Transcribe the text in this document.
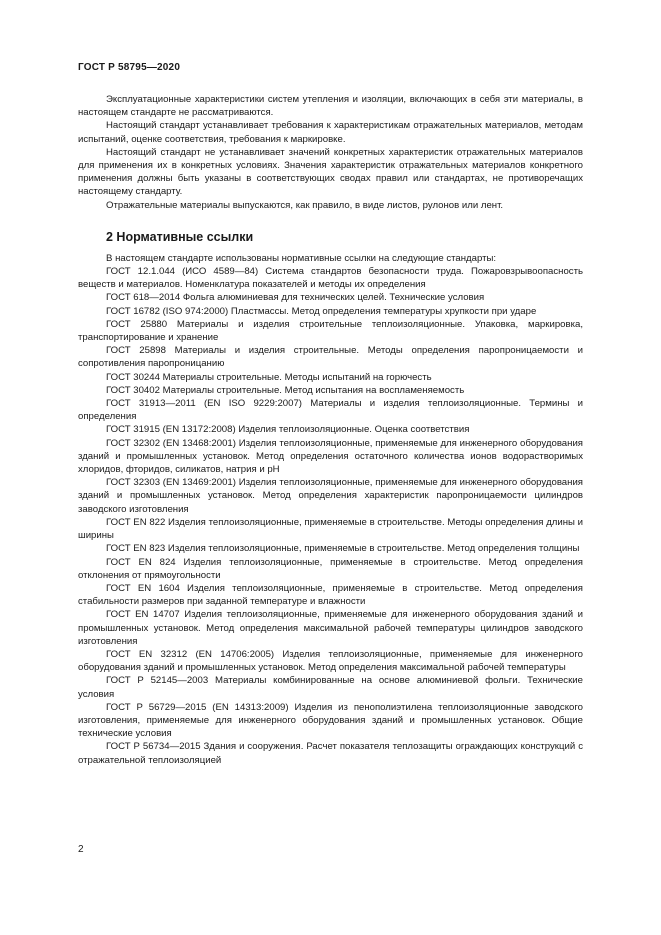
ГОСТ Р 58795—2020

Эксплуатационные характеристики систем утепления и изоляции, включающих в себя эти материалы, в настоящем стандарте не рассматриваются.

Настоящий стандарт устанавливает требования к характеристикам отражательных материалов, методам испытаний, оценке соответствия, требования к маркировке.

Настоящий стандарт не устанавливает значений конкретных характеристик отражательных материалов для применения их в конкретных условиях. Значения характеристик отражательных материалов конкретного применения должны быть указаны в соответствующих сводах правил или стандартах, не противоречащих настоящему стандарту.

Отражательные материалы выпускаются, как правило, в виде листов, рулонов или лент.

2 Нормативные ссылки

В настоящем стандарте использованы нормативные ссылки на следующие стандарты:

ГОСТ 12.1.044 (ИСО 4589—84) Система стандартов безопасности труда. Пожаровзрывоопасность веществ и материалов. Номенклатура показателей и методы их определения

ГОСТ 618—2014 Фольга алюминиевая для технических целей. Технические условия

ГОСТ 16782 (ISO 974:2000) Пластмассы. Метод определения температуры хрупкости при ударе

ГОСТ 25880 Материалы и изделия строительные теплоизоляционные. Упаковка, маркировка, транспортирование и хранение

ГОСТ 25898 Материалы и изделия строительные. Методы определения паропроницаемости и сопротивления паропроницанию

ГОСТ 30244 Материалы строительные. Методы испытаний на горючесть

ГОСТ 30402 Материалы строительные. Метод испытания на воспламеняемость

ГОСТ 31913—2011 (EN ISO 9229:2007) Материалы и изделия теплоизоляционные. Термины и определения

ГОСТ 31915 (EN 13172:2008) Изделия теплоизоляционные. Оценка соответствия

ГОСТ 32302 (EN 13468:2001) Изделия теплоизоляционные, применяемые для инженерного оборудования зданий и промышленных установок. Метод определения остаточного количества ионов водорастворимых хлоридов, фторидов, силикатов, натрия и pH

ГОСТ 32303 (EN 13469:2001) Изделия теплоизоляционные, применяемые для инженерного оборудования зданий и промышленных установок. Метод определения характеристик паропроницаемости цилиндров заводского изготовления

ГОСТ EN 822 Изделия теплоизоляционные, применяемые в строительстве. Методы определения длины и ширины

ГОСТ EN 823 Изделия теплоизоляционные, применяемые в строительстве. Метод определения толщины

ГОСТ EN 824 Изделия теплоизоляционные, применяемые в строительстве. Метод определения отклонения от прямоугольности

ГОСТ EN 1604 Изделия теплоизоляционные, применяемые в строительстве. Метод определения стабильности размеров при заданной температуре и влажности

ГОСТ EN 14707 Изделия теплоизоляционные, применяемые для инженерного оборудования зданий и промышленных установок. Метод определения максимальной рабочей температуры цилиндров заводского изготовления

ГОСТ EN 32312 (EN 14706:2005) Изделия теплоизоляционные, применяемые для инженерного оборудования зданий и промышленных установок. Метод определения максимальной рабочей температуры

ГОСТ Р 52145—2003 Материалы комбинированные на основе алюминиевой фольги. Технические условия

ГОСТ Р 56729—2015 (EN 14313:2009) Изделия из пенополиэтилена теплоизоляционные заводского изготовления, применяемые для инженерного оборудования зданий и промышленных установок. Общие технические условия

ГОСТ Р 56734—2015 Здания и сооружения. Расчет показателя теплозащиты ограждающих конструкций с отражательной теплоизоляцией

2
